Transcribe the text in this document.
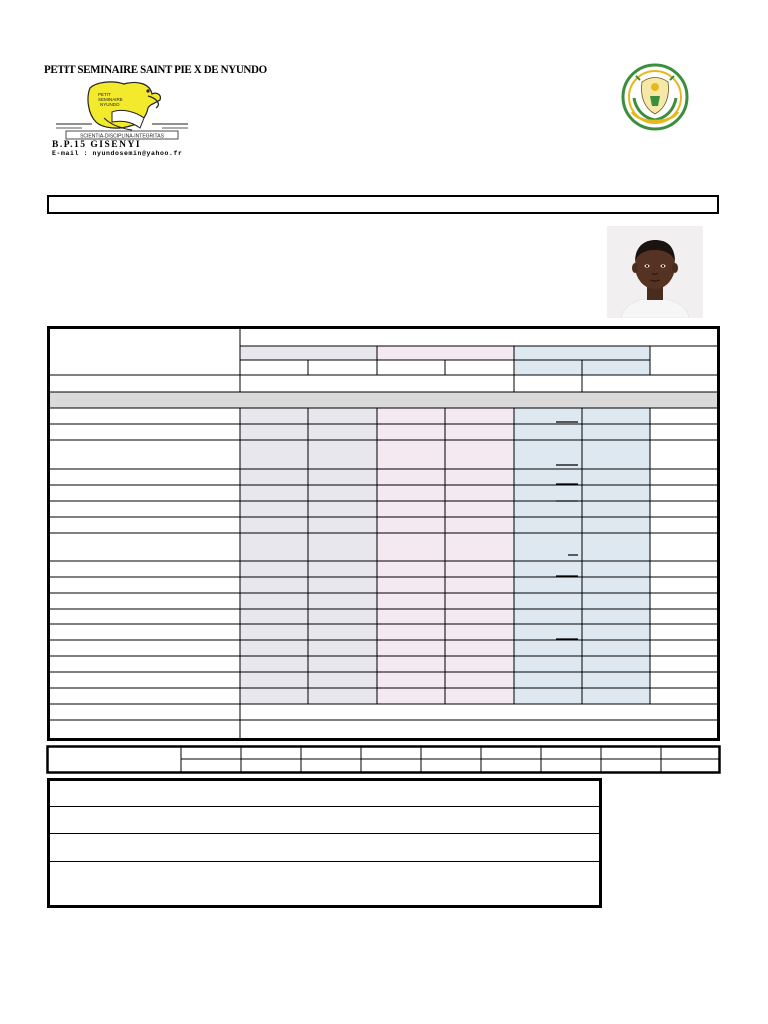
PETIT SEMINAIRE SAINT PIE X DE NYUNDO
PETIT
SEMINAIRE
NYUNDO
SCIENTIA-DISCIPLINA-INTEGRITAS
B.P.15 GISENYI
E-mail : nyundosemin@yahoo.fr
